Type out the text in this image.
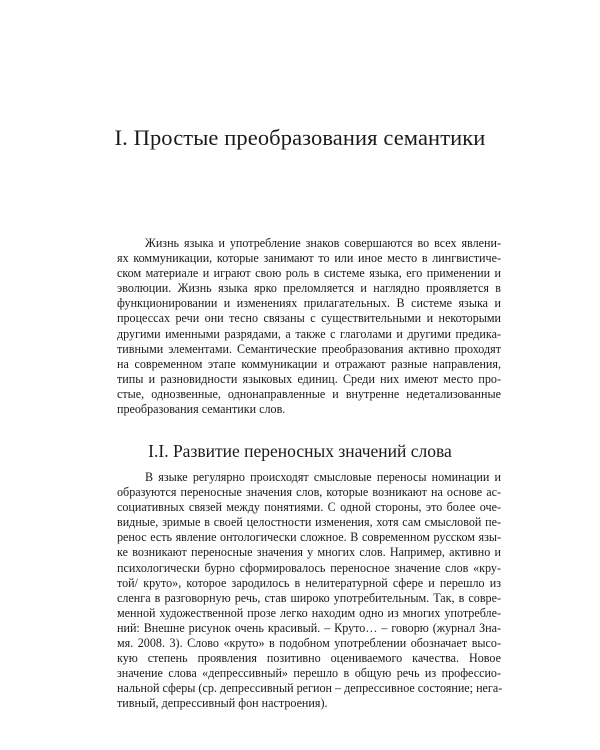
I. Простые преобразования семантики
Жизнь языка и употребление знаков совершаются во всех явлени-
ях коммуникации, которые занимают то или иное место в лингвистиче-
ском материале и играют свою роль в системе языка, его применении и
эволюции. Жизнь языка ярко преломляется и наглядно проявляется в
функционировании и изменениях прилагательных. В системе языка и
процессах речи они тесно связаны с существительными и некоторыми
другими именными разрядами, а также с глаголами и другими предика-
тивными элементами. Семантические преобразования активно проходят
на современном этапе коммуникации и отражают разные направления,
типы и разновидности языковых единиц. Среди них имеют место про-
стые, однозвенные, однонаправленные и внутренне недетализованные
преобразования семантики слов.
I.I. Развитие переносных значений слова
В языке регулярно происходят смысловые переносы номинации и
образуются переносные значения слов, которые возникают на основе ас-
социативных связей между понятиями. С одной стороны, это более оче-
видные, зримые в своей целостности изменения, хотя сам смысловой пе-
ренос есть явление онтологически сложное. В современном русском язы-
ке возникают переносные значения у многих слов. Например, активно и
психологически бурно сформировалось переносное значение слов «кру-
той/ круто», которое зародилось в нелитературной сфере и перешло из
сленга в разговорную речь, став широко употребительным. Так, в совре-
менной художественной прозе легко находим одно из многих употребле-
ний: Внешне рисунок очень красивый. – Круто… – говорю (журнал Зна-
мя. 2008. 3). Слово «круто» в подобном употреблении обозначает высо-
кую степень проявления позитивно оцениваемого качества. Новое
значение слова «депрессивный» перешло в общую речь из профессио-
нальной сферы (ср. депрессивный регион – депрессивное состояние; нега-
тивный, депрессивный фон настроения).
